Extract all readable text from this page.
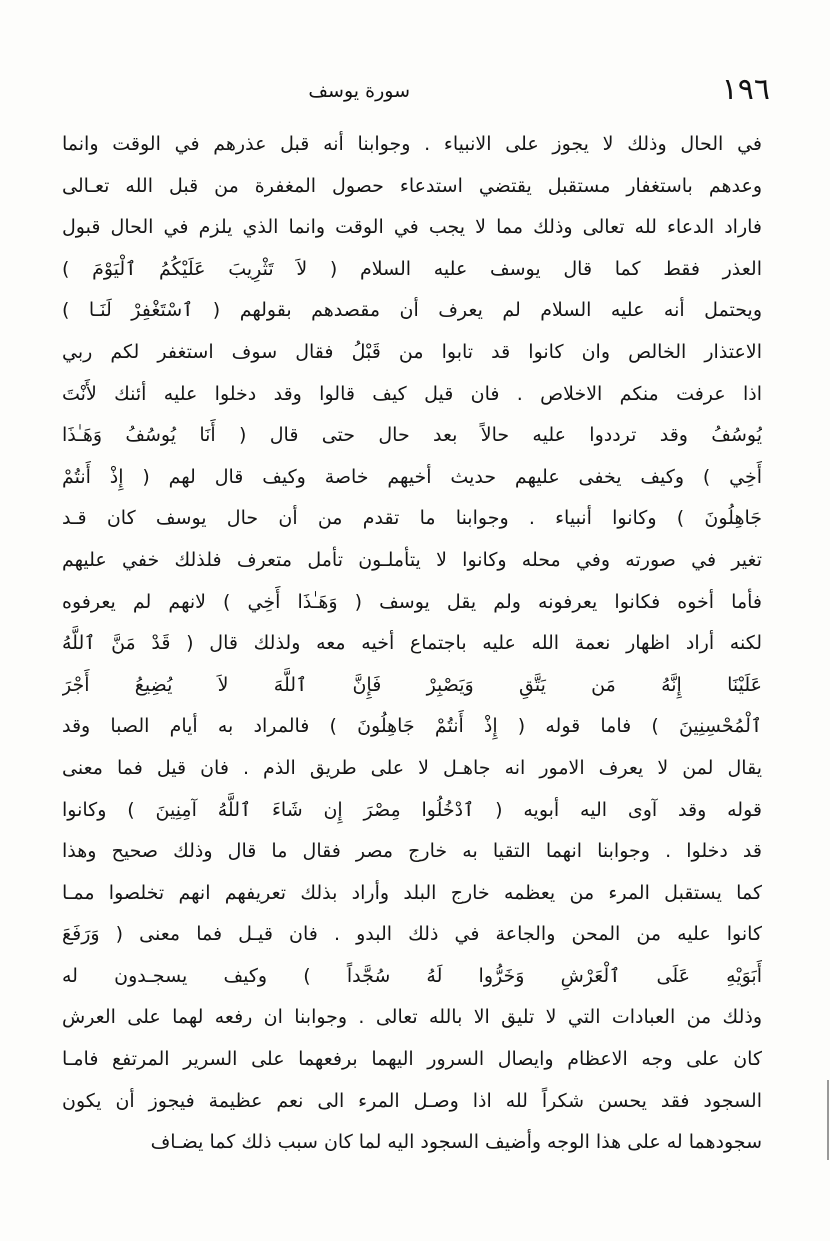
١٩٦
سورة يوسف
في الحال وذلك لا يجوز على الانبياء . وجوابنا أنه قبل عذرهم في الوقت وانما
وعدهم باستغفار مستقبل يقتضي استدعاء حصول المغفرة من قبل الله تعـالى
فاراد الدعاء لله تعالى وذلك مما لا يجب في الوقت وانما الذي يلزم في الحال قبول
العذر فقط كما قال يوسف عليه السلام ( لاَ تَثْرِيبَ عَلَيْكُمُ ٱلْيَوْمَ )
ويحتمل أنه عليه السلام لم يعرف أن مقصدهم بقولهم ( ٱسْتَغْفِرْ لَنَـا )
الاعتذار الخالص وان كانوا قد تابوا من قَبْلُ فقال سوف استغفر لكم ربي
اذا عرفت منكم الاخلاص . فان قيل كيف قالوا وقد دخلوا عليه أئنك لأَنْتَ
يُوسُفُ وقد ترددوا عليه حالاً بعد حال حتى قال ( أَنَا يُوسُفُ وَهَـٰذَا
أَخِي ) وكيف يخفى عليهم حديث أخيهم خاصة وكيف قال لهم ( إِذْ أَنتُمْ
جَاهِلُونَ ) وكانوا أنبياء . وجوابنا ما تقدم من أن حال يوسف كان قـد
تغير في صورته وفي محله وكانوا لا يتأملـون تأمل متعرف فلذلك خفي عليهم
فأما أخوه فكانوا يعرفونه ولم يقل يوسف ( وَهَـٰذَا أَخِي ) لانهم لم يعرفوه
لكنه أراد اظهار نعمة الله عليه باجتماع أخيه معه ولذلك قال ( قَدْ مَنَّ ٱللَّهُ
عَلَيْنَا إِنَّهُ مَن يَتَّقِ وَيَصْبِرْ فَإِنَّ ٱللَّهَ لاَ يُضِيعُ أَجْرَ
ٱلْمُحْسِنِينَ ) فاما قوله ( إِذْ أَنتُمْ جَاهِلُونَ ) فالمراد به أيام الصبا وقد
يقال لمن لا يعرف الامور انه جاهـل لا على طريق الذم . فان قيل فما معنى
قوله وقد آوى اليه أبويه ( ٱدْخُلُوا مِصْرَ إِن شَاءَ ٱللَّهُ آمِنِينَ ) وكانوا
قد دخلوا . وجوابنا انهما التقيا به خارج مصر فقال ما قال وذلك صحيح وهذا
كما يستقبل المرء من يعظمه خارج البلد وأراد بذلك تعريفهم انهم تخلصوا ممـا
كانوا عليه من المحن والجاعة في ذلك البدو . فان قيـل فما معنى ( وَرَفَعَ
أَبَوَيْهِ عَلَى ٱلْعَرْشِ وَخَرُّوا لَهُ سُجَّداً ) وكيف يسجـدون له
وذلك من العبادات التي لا تليق الا بالله تعالى . وجوابنا ان رفعه لهما على العرش
كان على وجه الاعظام وايصال السرور اليهما برفعهما على السرير المرتفع فامـا
السجود فقد يحسن شكراً لله اذا وصـل المرء الى نعم عظيمة فيجوز أن يكون
سجودهما له على هذا الوجه وأضيف السجود اليه لما كان سبب ذلك كما يضـاف
